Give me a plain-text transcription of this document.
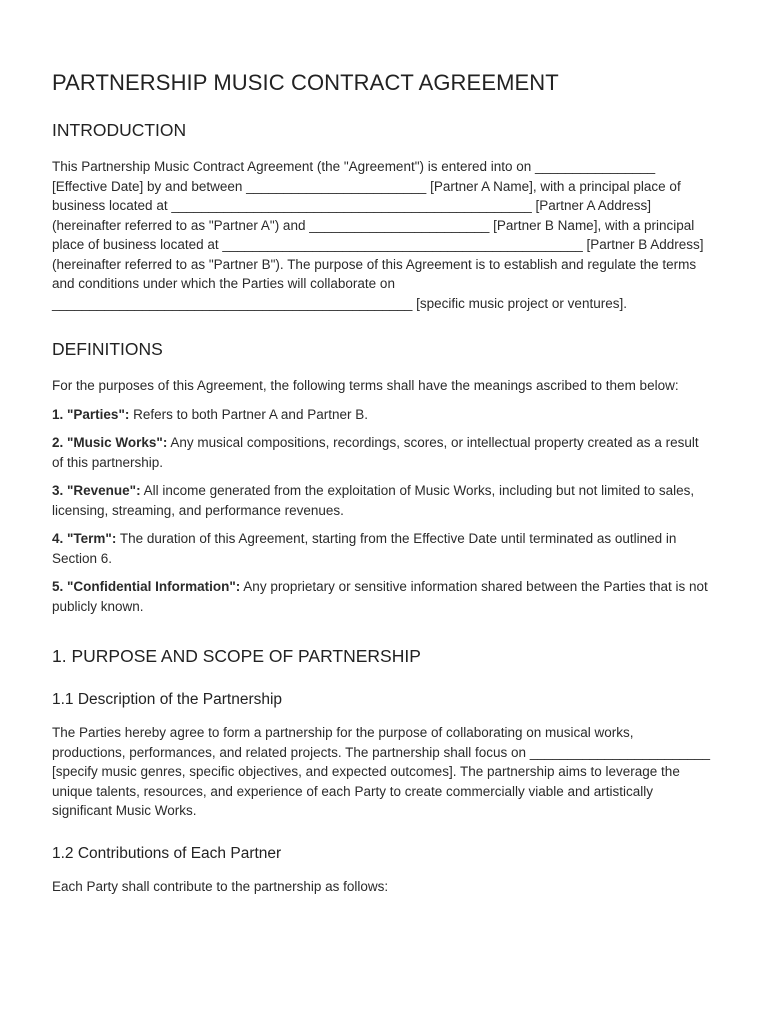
PARTNERSHIP MUSIC CONTRACT AGREEMENT
INTRODUCTION

This Partnership Music Contract Agreement (the "Agreement") is entered into on ________________ [Effective Date] by and between ________________________ [Partner A Name], with a principal place of business located at ________________________________________________ [Partner A Address] (hereinafter referred to as "Partner A") and ________________________ [Partner B Name], with a principal place of business located at ________________________________________________ [Partner B Address] (hereinafter referred to as "Partner B"). The purpose of this Agreement is to establish and regulate the terms and conditions under which the Parties will collaborate on ________________________________________________ [specific music project or ventures].

DEFINITIONS

For the purposes of this Agreement, the following terms shall have the meanings ascribed to them below:

1. "Parties": Refers to both Partner A and Partner B.

2. "Music Works": Any musical compositions, recordings, scores, or intellectual property created as a result of this partnership.

3. "Revenue": All income generated from the exploitation of Music Works, including but not limited to sales, licensing, streaming, and performance revenues.

4. "Term": The duration of this Agreement, starting from the Effective Date until terminated as outlined in Section 6.

5. "Confidential Information": Any proprietary or sensitive information shared between the Parties that is not publicly known.

1. PURPOSE AND SCOPE OF PARTNERSHIP
1.1 Description of the Partnership

The Parties hereby agree to form a partnership for the purpose of collaborating on musical works, productions, performances, and related projects. The partnership shall focus on ________________________ [specify music genres, specific objectives, and expected outcomes]. The partnership aims to leverage the unique talents, resources, and experience of each Party to create commercially viable and artistically significant Music Works.

1.2 Contributions of Each Partner

Each Party shall contribute to the partnership as follows:
